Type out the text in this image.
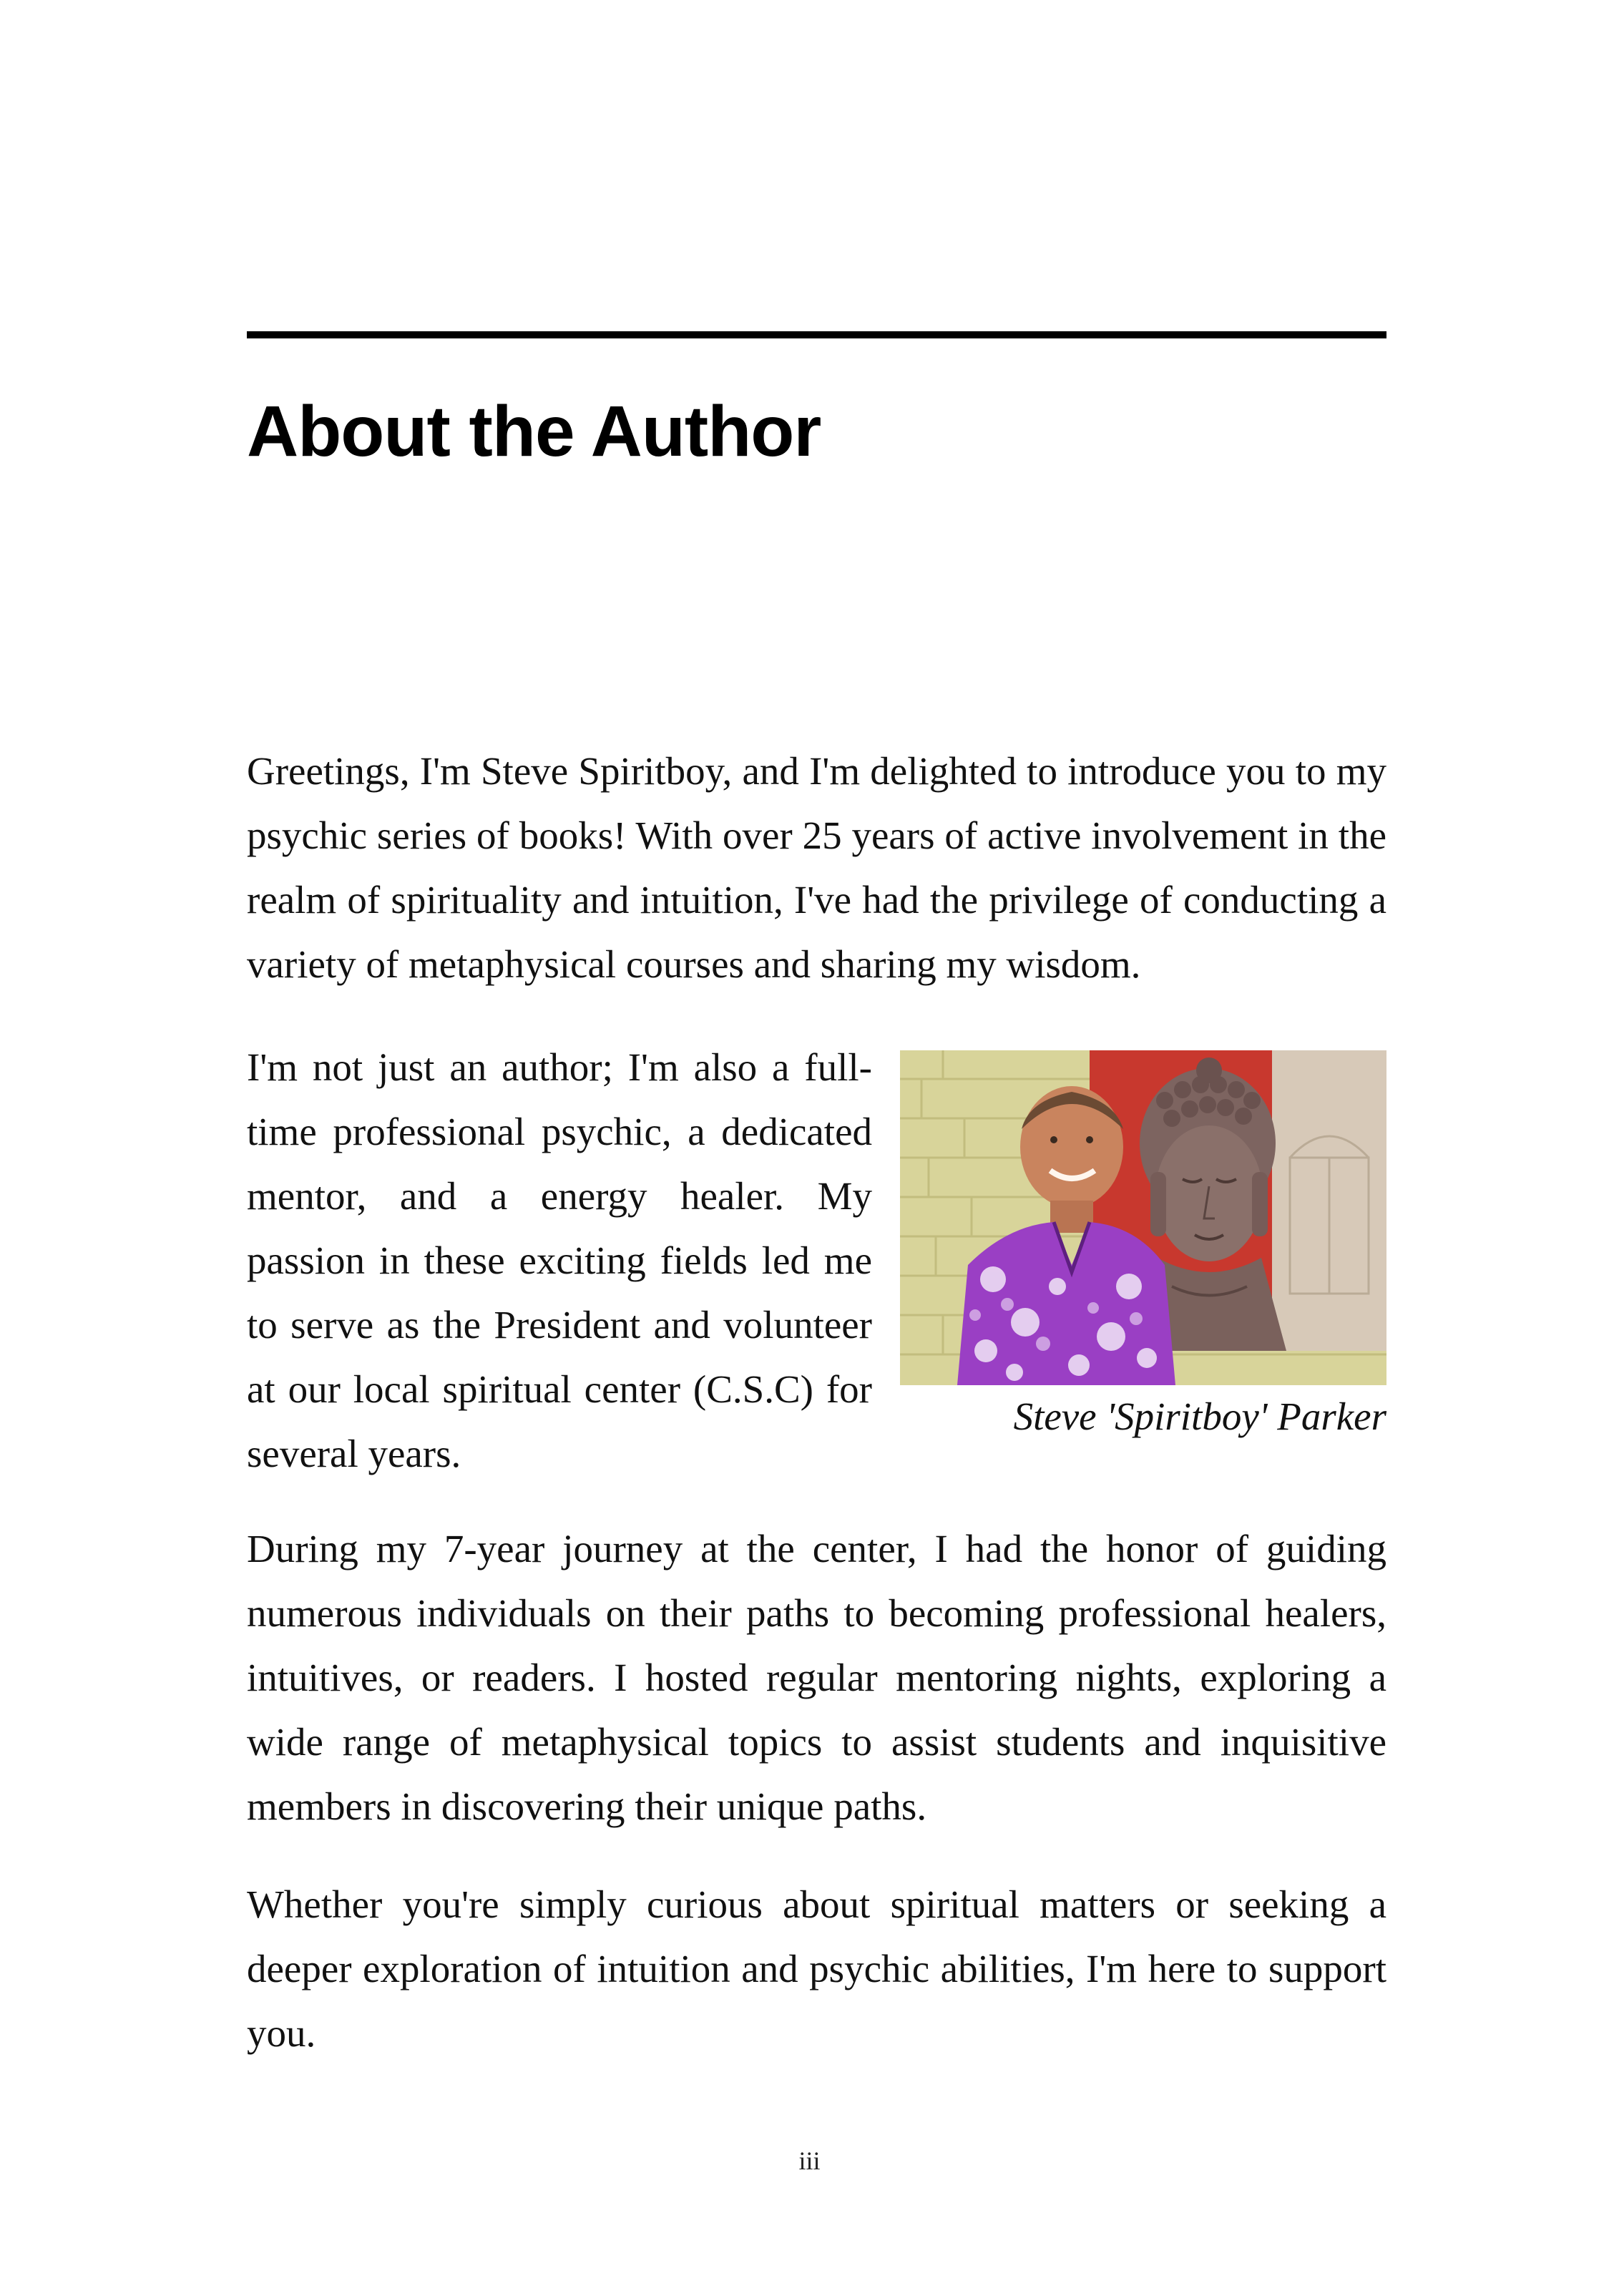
About the Author

Greetings, I'm Steve Spiritboy, and I'm delighted to introduce you to my psychic series of books! With over 25 years of active involvement in the realm of spirituality and intuition, I've had the privilege of conducting a variety of metaphysical courses and sharing my wisdom.

I'm not just an author; I'm also a full-time professional psychic, a dedicated mentor, and a energy healer. My passion in these exciting fields led me to serve as the President and volunteer at our local spiritual center (C.S.C) for several years.

Steve 'Spiritboy' Parker

During my 7-year journey at the center, I had the honor of guiding numerous individuals on their paths to becoming professional healers, intuitives, or readers. I hosted regular mentoring nights, exploring a wide range of metaphysical topics to assist students and inquisitive members in discovering their unique paths.

Whether you're simply curious about spiritual matters or seeking a deeper exploration of intuition and psychic abilities, I'm here to support you.

iii
